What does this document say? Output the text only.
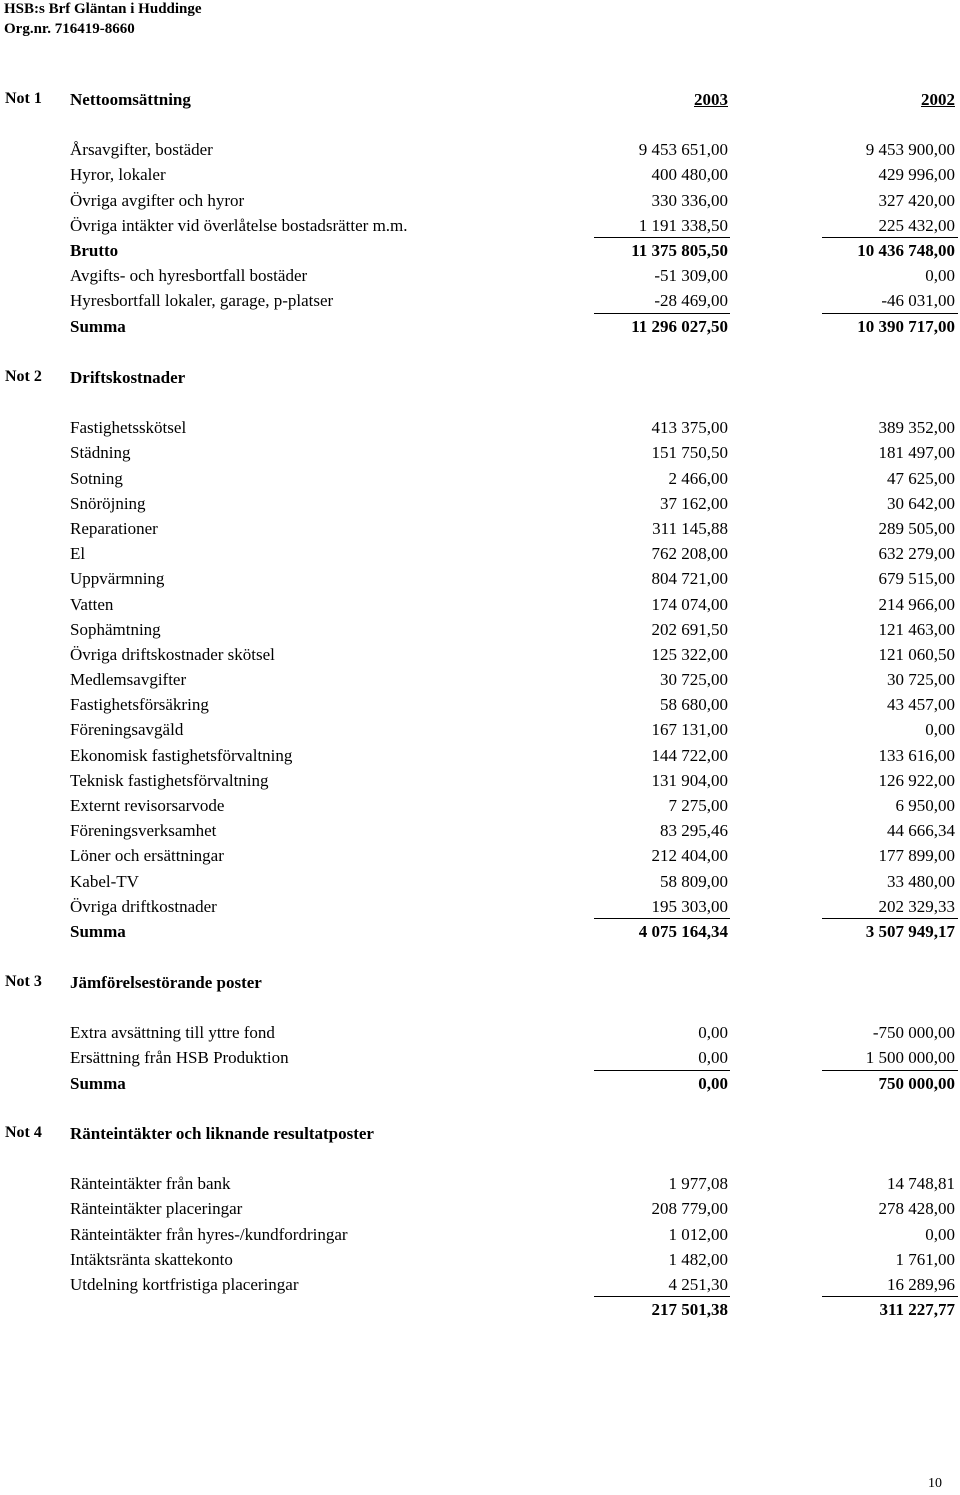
HSB:s Brf Gläntan i Huddinge
Org.nr. 716419-8660
Not 1 Nettoomsättning	2003	2002
Årsavgifter, bostäder	9 453 651,00	9 453 900,00
Hyror, lokaler	400 480,00	429 996,00
Övriga avgifter och hyror	330 336,00	327 420,00
Övriga intäkter vid överlåtelse bostadsrätter m.m.	1 191 338,50	225 432,00
Brutto	11 375 805,50	10 436 748,00
Avgifts- och hyresbortfall bostäder	-51 309,00	0,00
Hyresbortfall lokaler, garage, p-platser	-28 469,00	-46 031,00
Summa	11 296 027,50	10 390 717,00
Not 2 Driftskostnader
Fastighetsskötsel	413 375,00	389 352,00
Städning	151 750,50	181 497,00
Sotning	2 466,00	47 625,00
Snöröjning	37 162,00	30 642,00
Reparationer	311 145,88	289 505,00
El	762 208,00	632 279,00
Uppvärmning	804 721,00	679 515,00
Vatten	174 074,00	214 966,00
Sophämtning	202 691,50	121 463,00
Övriga driftskostnader skötsel	125 322,00	121 060,50
Medlemsavgifter	30 725,00	30 725,00
Fastighetsförsäkring	58 680,00	43 457,00
Föreningsavgäld	167 131,00	0,00
Ekonomisk fastighetsförvaltning	144 722,00	133 616,00
Teknisk fastighetsförvaltning	131 904,00	126 922,00
Externt revisorsarvode	7 275,00	6 950,00
Föreningsverksamhet	83 295,46	44 666,34
Löner och ersättningar	212 404,00	177 899,00
Kabel-TV	58 809,00	33 480,00
Övriga driftkostnader	195 303,00	202 329,33
Summa	4 075 164,34	3 507 949,17
Not 3 Jämförelsestörande poster
Extra avsättning till yttre fond	0,00	-750 000,00
Ersättning från HSB Produktion	0,00	1 500 000,00
Summa	0,00	750 000,00
Not 4 Ränteintäkter och liknande resultatposter
Ränteintäkter från bank	1 977,08	14 748,81
Ränteintäkter placeringar	208 779,00	278 428,00
Ränteintäkter från hyres-/kundfordringar	1 012,00	0,00
Intäktsränta skattekonto	1 482,00	1 761,00
Utdelning kortfristiga placeringar	4 251,30	16 289,96
217 501,38	311 227,77
10
